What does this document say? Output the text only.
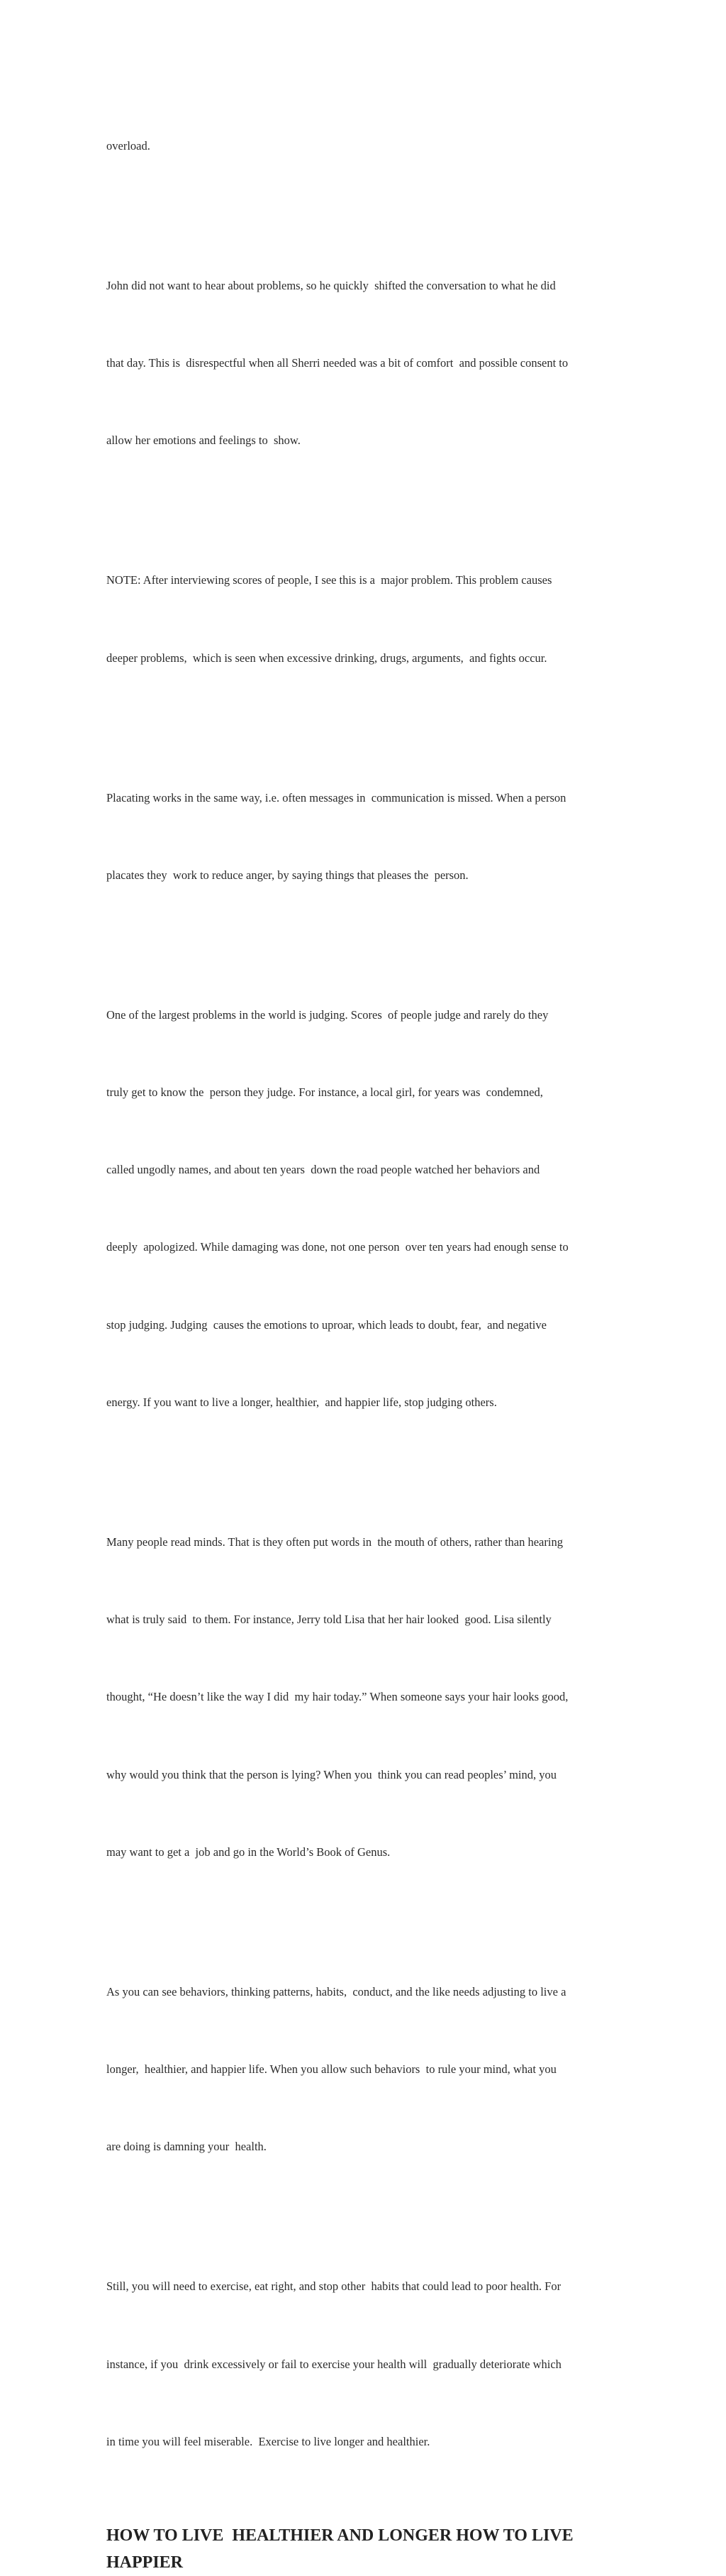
overload.

John did not want to hear about problems, so he quickly  shifted the conversation to what he did

that day. This is  disrespectful when all Sherri needed was a bit of comfort  and possible consent to

allow her emotions and feelings to  show.

NOTE: After interviewing scores of people, I see this is a  major problem. This problem causes

deeper problems,  which is seen when excessive drinking, drugs, arguments,  and fights occur.

Placating works in the same way, i.e. often messages in  communication is missed. When a person

placates they  work to reduce anger, by saying things that pleases the  person.

One of the largest problems in the world is judging. Scores  of people judge and rarely do they

truly get to know the  person they judge. For instance, a local girl, for years was  condemned,

called ungodly names, and about ten years  down the road people watched her behaviors and

deeply  apologized. While damaging was done, not one person  over ten years had enough sense to

stop judging. Judging  causes the emotions to uproar, which leads to doubt, fear,  and negative

energy. If you want to live a longer, healthier,  and happier life, stop judging others.

Many people read minds. That is they often put words in  the mouth of others, rather than hearing

what is truly said  to them. For instance, Jerry told Lisa that her hair looked  good. Lisa silently

thought, “He doesn’t like the way I did  my hair today.” When someone says your hair looks good,

why would you think that the person is lying? When you  think you can read peoples’ mind, you

may want to get a  job and go in the World’s Book of Genus.

As you can see behaviors, thinking patterns, habits,  conduct, and the like needs adjusting to live a

longer,  healthier, and happier life. When you allow such behaviors  to rule your mind, what you

are doing is damning your  health.

Still, you will need to exercise, eat right, and stop other  habits that could lead to poor health. For

instance, if you  drink excessively or fail to exercise your health will  gradually deteriorate which

in time you will feel miserable.  Exercise to live longer and healthier.

HOW TO LIVE  HEALTHIER AND LONGER HOW TO LIVE
HAPPIER
